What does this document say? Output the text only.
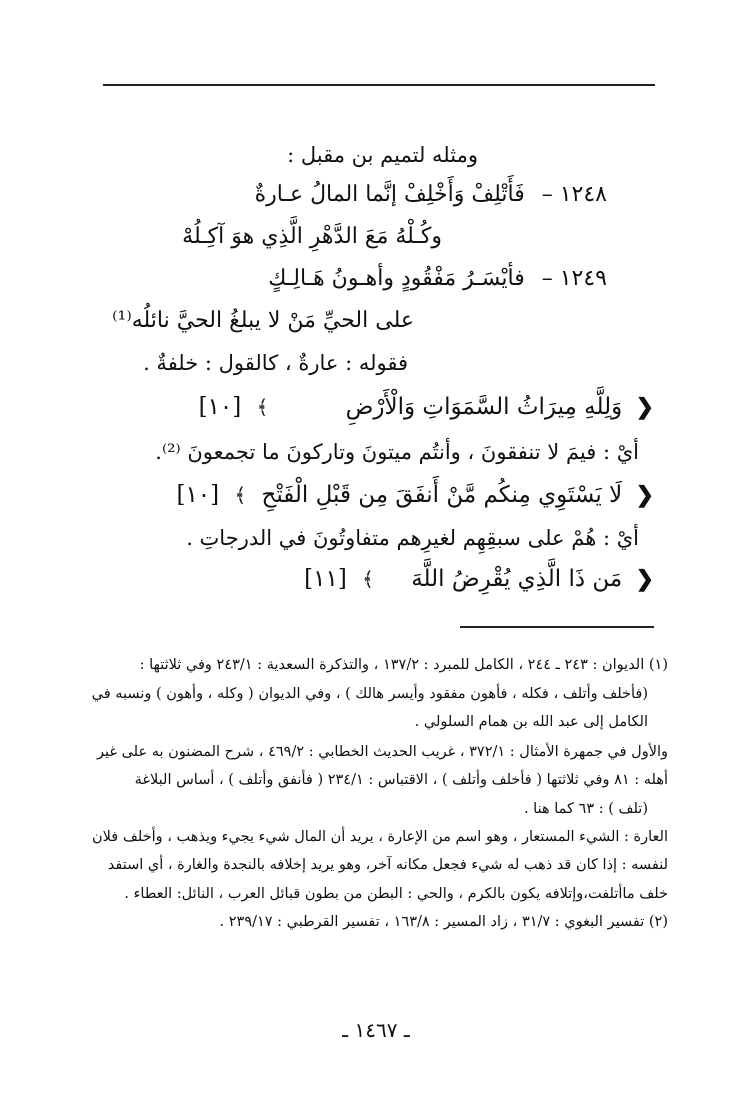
ومثله لتميم بن مقبل :
١٢٤٨ – فَأَتْلِفْ وَأَخْلِفْ إنَّما المالُ عـارةٌ
وكُـلْهُ مَعَ الدَّهْرِ الَّذِي هوَ آكِـلُهْ
١٢٤٩ – فأيْسَـرُ مَفْقُودٍ وأهـونُ هَـالِـكٍ
على الحيِّ مَنْ لا يبلغُ الحيَّ نائلُه⁽¹⁾
فقوله : عارةٌ ، كالقول : خلفةٌ .
❮ وَلِلَّهِ مِيرَاثُ السَّمَوَاتِ وَالْأَرْضِ ﴾ [١٠]
أيْ : فيمَ لا تنفقونَ ، وأنتُم ميتونَ وتاركونَ ما تجمعونَ ⁽²⁾.
❮ لَا يَسْتَوِي مِنكُم مَّنْ أَنفَقَ مِن قَبْلِ الْفَتْحِ ﴾ [١٠]
أيْ : هُمْ على سبقِهِم لغيرِهم متفاوتُونَ في الدرجاتِ .
❮ مَن ذَا الَّذِي يُقْرِضُ اللَّهَ ﴾ [١١]
(١) الديوان : ٢٤٣ ـ ٢٤٤ ، الكامل للمبرد : ١٣٧/٢ ، والتذكرة السعدية : ٢٤٣/١ وفي ثلاثتها :
(فأخلف وأتلف ، فكله ، فأهون مفقود وأيسر هالك ) ، وفي الديوان ( وكله ، وأهون ) ونسبه في
الكامل إلى عبد الله بن همام السلولي .
والأول في جمهرة الأمثال : ٣٧٢/١ ، غريب الحديث الخطابي : ٤٦٩/٢ ، شرح المضنون به على غير
أهله : ٨١ وفي ثلاثتها ( فأخلف وأتلف ) ، الاقتباس : ٢٣٤/١ ( فأنفق وأتلف ) ، أساس البلاغة
(تلف ) : ٦٣ كما هنا .
العارة : الشيء المستعار ، وهو اسم من الإعارة ، يريد أن المال شيء يجيء ويذهب ، وأخلف فلان
لنفسه : إذا كان قد ذهب له شيء فجعل مكانه آخر، وهو يريد إخلافه بالنجدة والغارة ، أي استفد
خلف ماأتلفت،وإتلافه يكون بالكرم ، والحي : البطن من بطون قبائل العرب ، النائل: العطاء .
(٢) تفسير البغوي : ٣١/٧ ، زاد المسير : ١٦٣/٨ ، تفسير القرطبي : ٢٣٩/١٧ .
ـ ١٤٦٧ ـ
